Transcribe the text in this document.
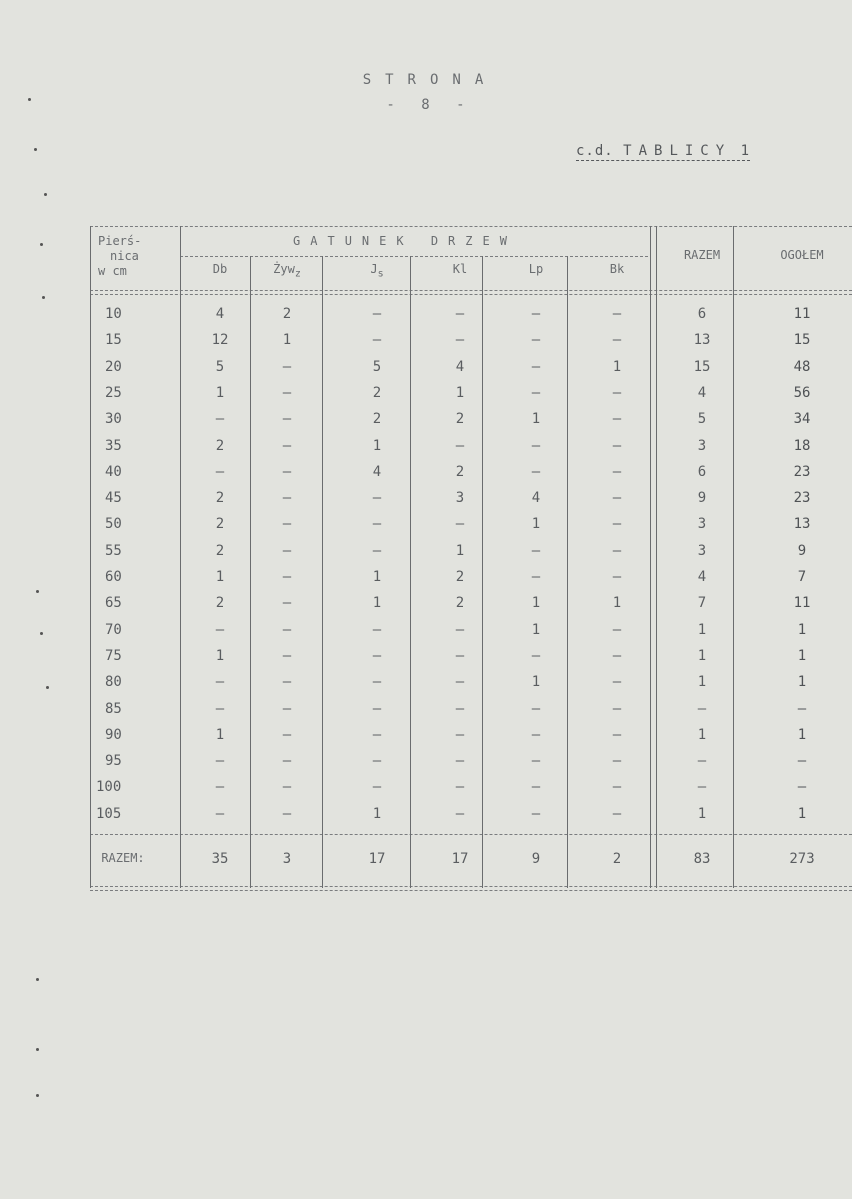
STRONA
- 8 -
c.d. TABLICY 1
Pierś-
nica
w cm
GATUNEK DRZEW
Db	Żyw$_z$	$J_s$	Kl	Lp	Bk
RAZEM	OGOŁEM
10	4	2	–	–	–	–	6	11
15	12	1	–	–	–	–	13	15
20	5	–	5	4	–	1	15	48
25	1	–	2	1	–	–	4	56
30	–	–	2	2	1	–	5	34
35	2	–	1	–	–	–	3	18
40	–	–	4	2	–	–	6	23
45	2	–	–	3	4	–	9	23
50	2	–	–	–	1	–	3	13
55	2	–	–	1	–	–	3	9
60	1	–	1	2	–	–	4	7
65	2	–	1	2	1	1	7	11
70	–	–	–	–	1	–	1	1
75	1	–	–	–	–	–	1	1
80	–	–	–	–	1	–	1	1
85	–	–	–	–	–	–	–	–
90	1	–	–	–	–	–	1	1
95	–	–	–	–	–	–	–	–
100	–	–	–	–	–	–	–	–
105	–	–	1	–	–	–	1	1
RAZEM:	35	3	17	17	9	2	83	273
